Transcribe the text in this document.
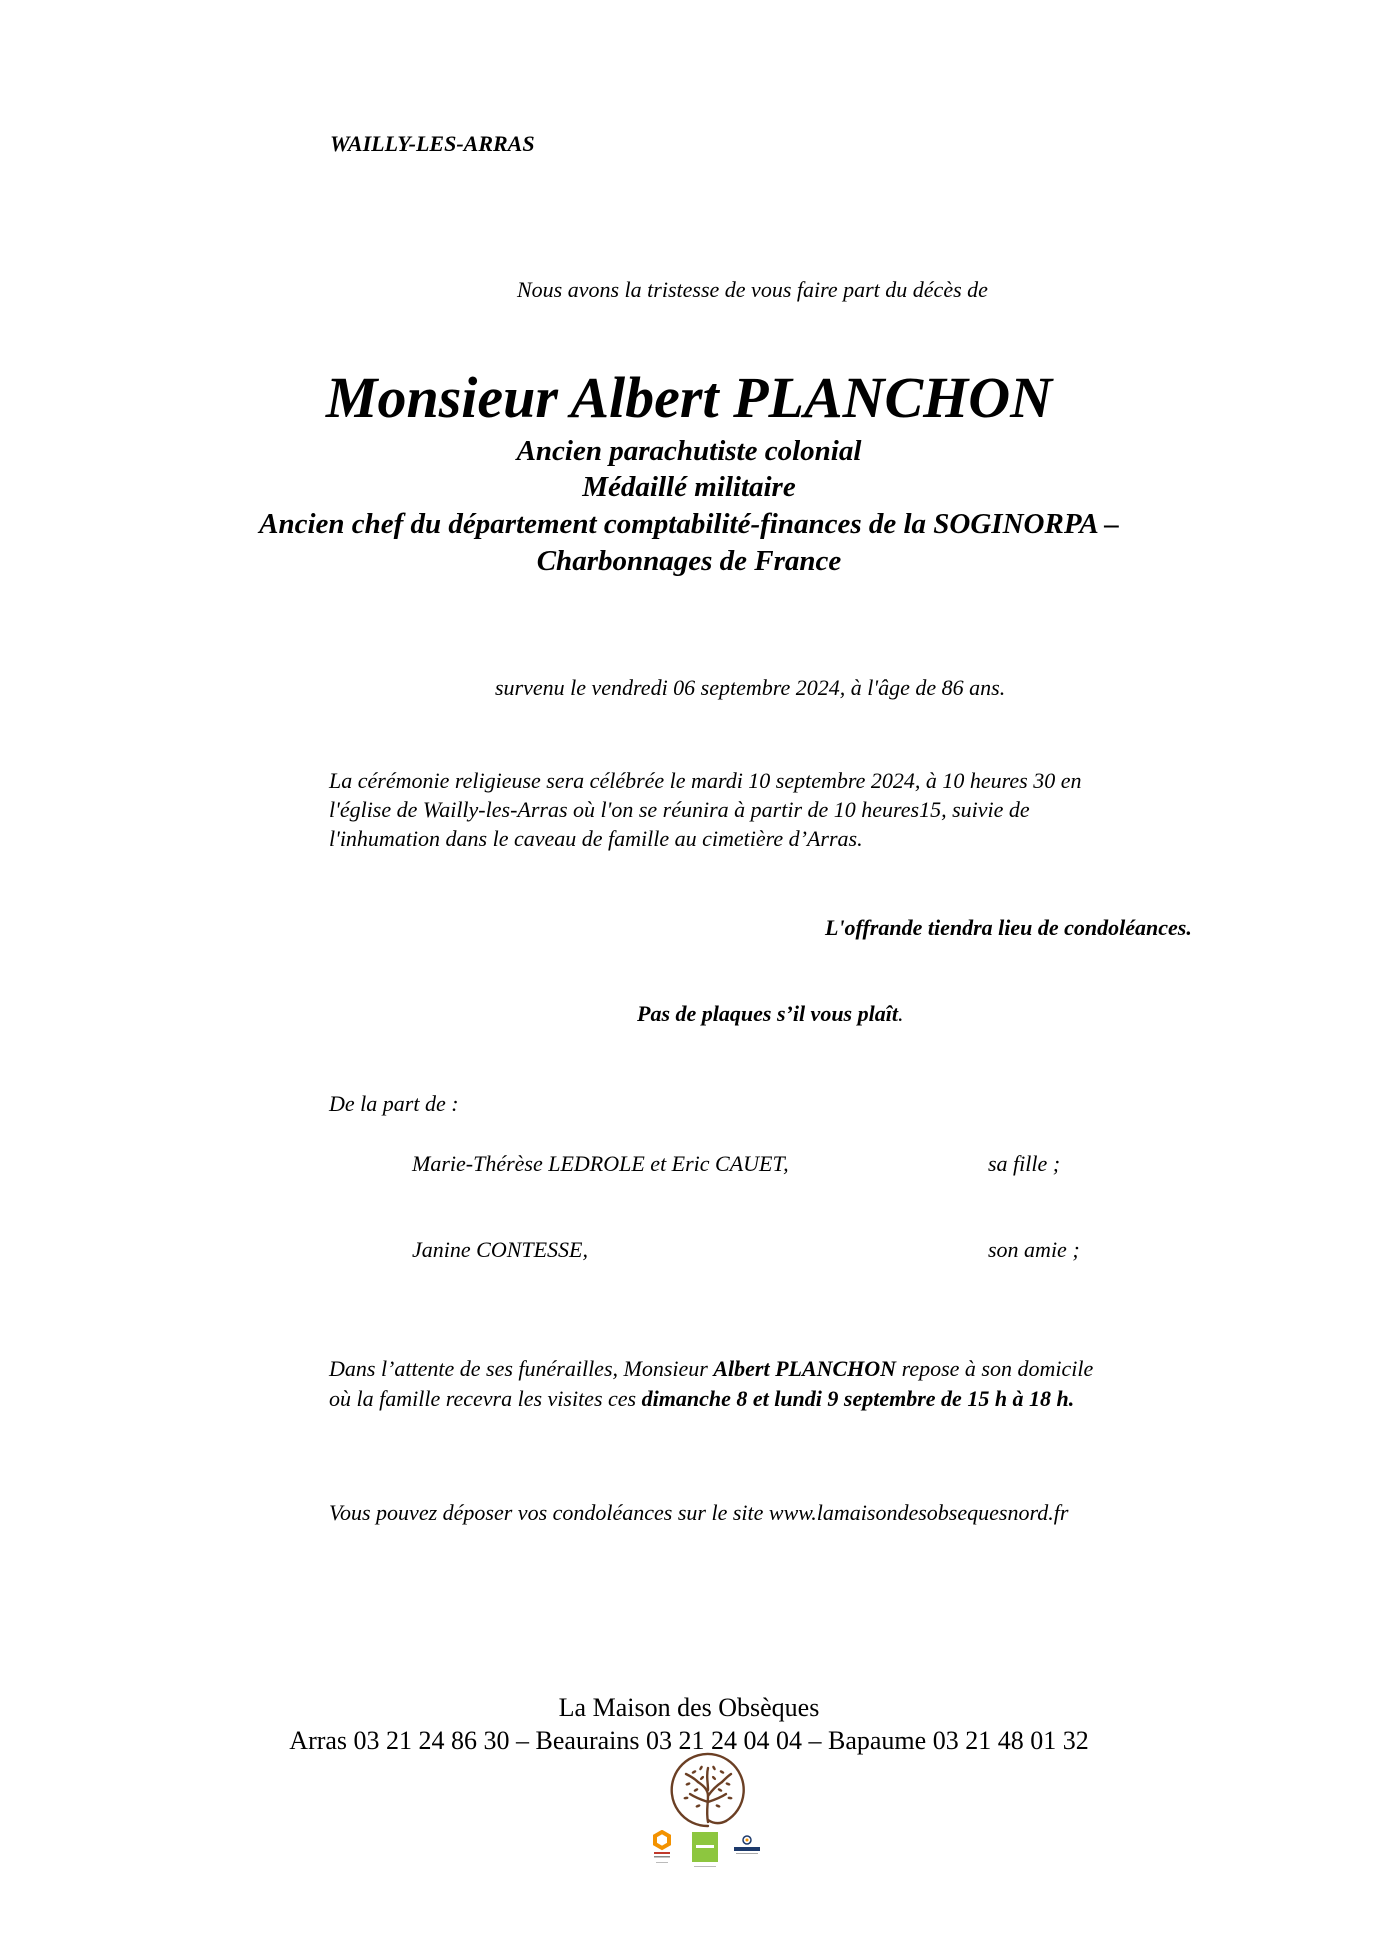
WAILLY-LES-ARRAS
Nous avons la tristesse de vous faire part du décès de
Monsieur Albert PLANCHON
Ancien parachutiste colonial
Médaillé militaire
Ancien chef du département comptabilité-finances de la SOGINORPA –
Charbonnages de France
survenu le vendredi 06 septembre 2024, à l'âge de 86 ans.
La cérémonie religieuse sera célébrée le mardi 10 septembre 2024, à 10 heures 30 en
l'église de Wailly-les-Arras où l'on se réunira à partir de 10 heures15, suivie de
l'inhumation dans le caveau de famille au cimetière d’Arras.
L'offrande tiendra lieu de condoléances.
Pas de plaques s’il vous plaît.
De la part de :
Marie-Thérèse LEDROLE et Eric CAUET,	sa fille ;
Janine CONTESSE,	son amie ;
Dans l’attente de ses funérailles, Monsieur Albert PLANCHON repose à son domicile
où la famille recevra les visites ces dimanche 8 et lundi 9 septembre de 15 h à 18 h.
Vous pouvez déposer vos condoléances sur le site www.lamaisondesobsequesnord.fr
La Maison des Obsèques
Arras 03 21 24 86 30 – Beaurains 03 21 24 04 04 – Bapaume 03 21 48 01 32
